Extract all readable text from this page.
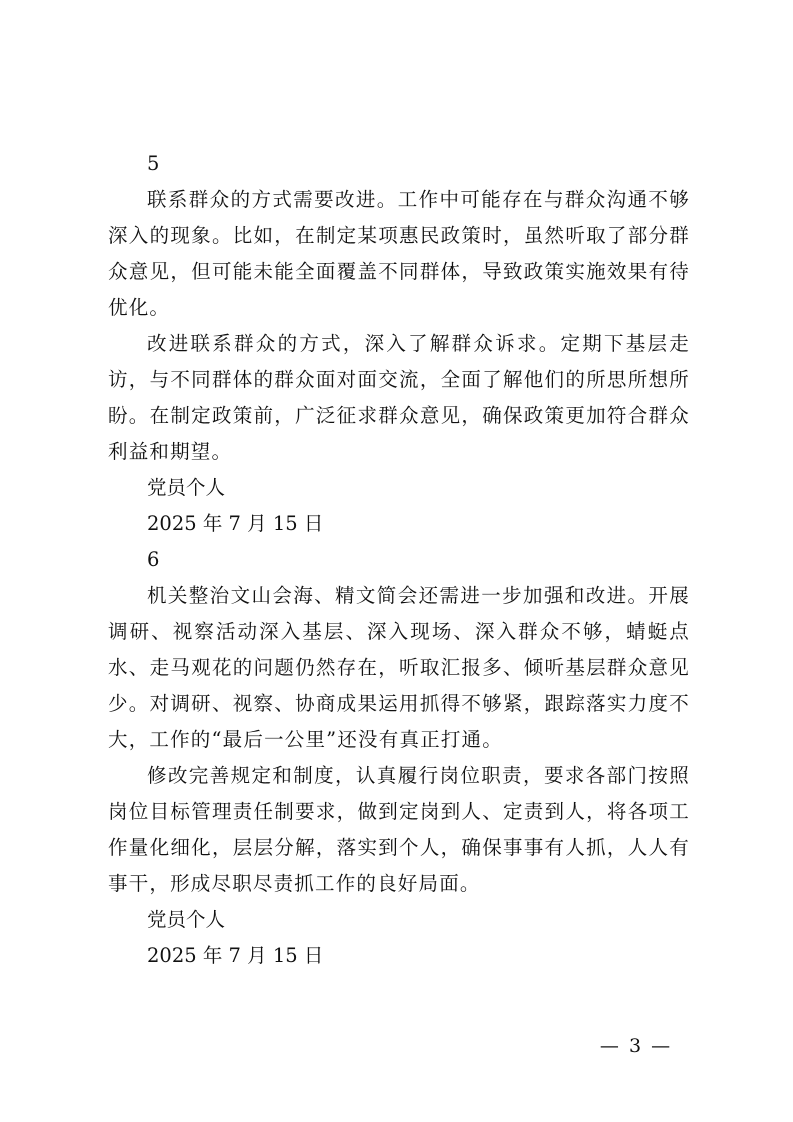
5

联系群众的方式需要改进。工作中可能存在与群众沟通不够深入的现象。比如，在制定某项惠民政策时，虽然听取了部分群众意见，但可能未能全面覆盖不同群体，导致政策实施效果有待优化。

改进联系群众的方式，深入了解群众诉求。定期下基层走访，与不同群体的群众面对面交流，全面了解他们的所思所想所盼。在制定政策前，广泛征求群众意见，确保政策更加符合群众利益和期望。

党员个人

2025 年 7 月 15 日

6

机关整治文山会海、精文简会还需进一步加强和改进。开展调研、视察活动深入基层、深入现场、深入群众不够，蜻蜓点水、走马观花的问题仍然存在，听取汇报多、倾听基层群众意见少。对调研、视察、协商成果运用抓得不够紧，跟踪落实力度不大，工作的“最后一公里”还没有真正打通。

修改完善规定和制度，认真履行岗位职责，要求各部门按照岗位目标管理责任制要求，做到定岗到人、定责到人，将各项工作量化细化，层层分解，落实到个人，确保事事有人抓，人人有事干，形成尽职尽责抓工作的良好局面。

党员个人

2025 年 7 月 15 日

— 3 —
